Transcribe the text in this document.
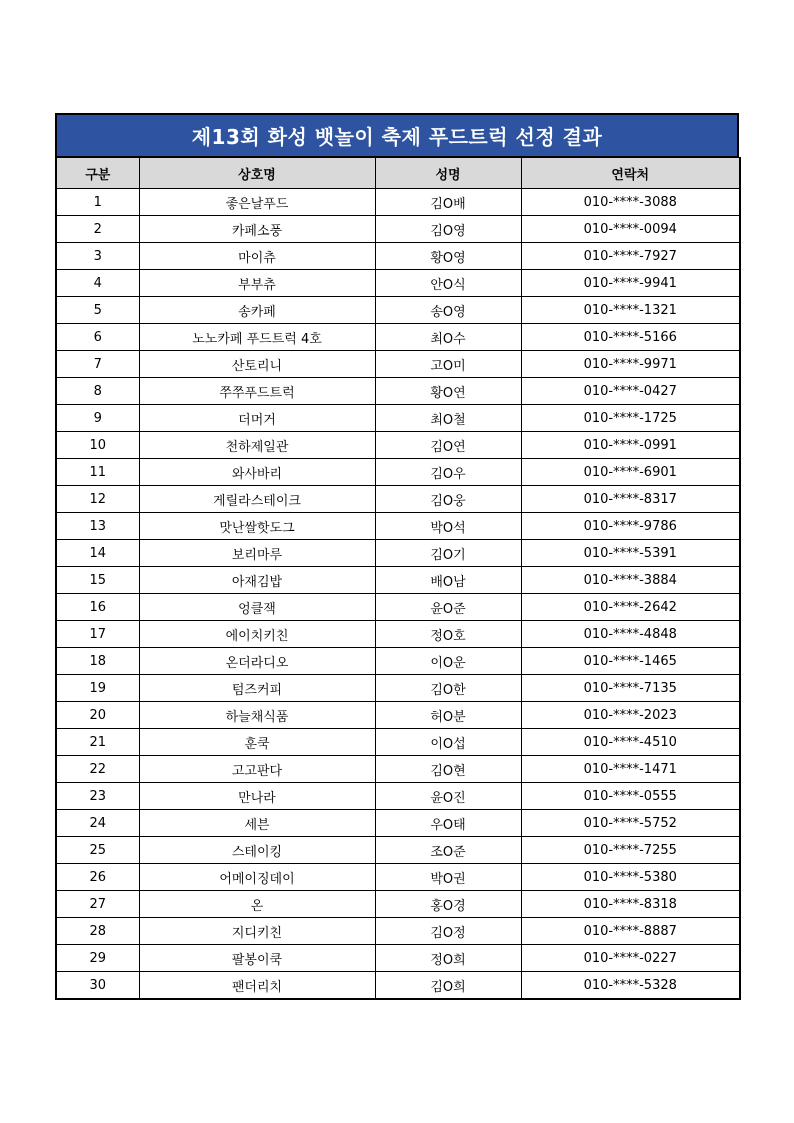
제13회 화성 뱃놀이 축제 푸드트럭 선정 결과
구분	상호명	성명	연락처
1	좋은날푸드	김O배	010-****-3088
2	카페소풍	김O영	010-****-0094
3	마이츄	황O영	010-****-7927
4	부부츄	안O식	010-****-9941
5	송카페	송O영	010-****-1321
6	노노카페 푸드트럭 4호	최O수	010-****-5166
7	산토리니	고O미	010-****-9971
8	쭈쭈푸드트럭	황O연	010-****-0427
9	더머거	최O철	010-****-1725
10	천하제일관	김O연	010-****-0991
11	와사바리	김O우	010-****-6901
12	게릴라스테이크	김O웅	010-****-8317
13	맛난쌀핫도그	박O석	010-****-9786
14	보리마루	김O기	010-****-5391
15	아재김밥	배O남	010-****-3884
16	엉클잭	윤O준	010-****-2642
17	에이치키친	정O호	010-****-4848
18	온더라디오	이O운	010-****-1465
19	텀즈커피	김O한	010-****-7135
20	하늘채식품	허O분	010-****-2023
21	훈쿡	이O섭	010-****-4510
22	고고판다	김O현	010-****-1471
23	만나라	윤O진	010-****-0555
24	세븐	우O태	010-****-5752
25	스테이킹	조O준	010-****-7255
26	어메이징데이	박O권	010-****-5380
27	온	홍O경	010-****-8318
28	지디키친	김O정	010-****-8887
29	팔봉이쿡	정O희	010-****-0227
30	팬더리치	김O희	010-****-5328
